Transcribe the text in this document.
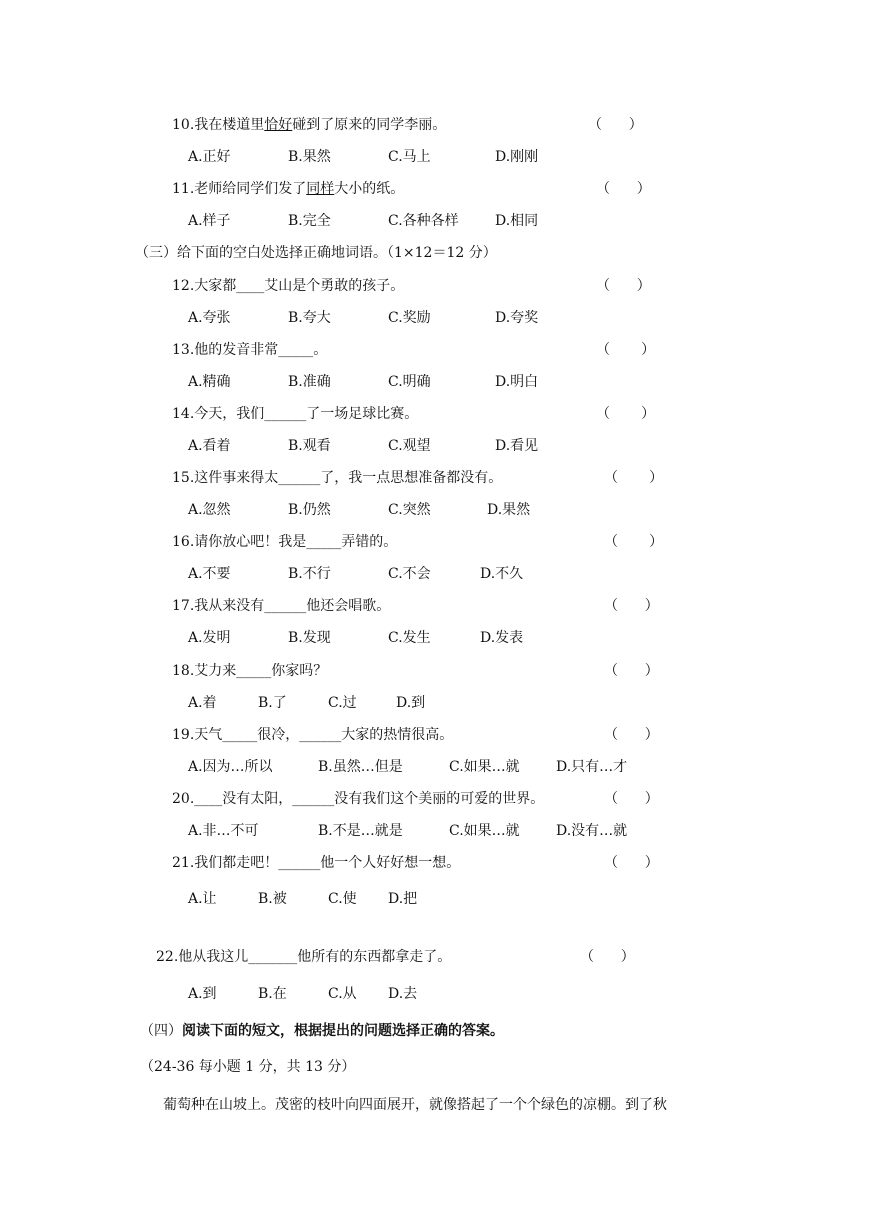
10.我在楼道里恰好碰到了原来的同学李丽。	（      ）
A.正好	B.果然	C.马上	D.刚刚
11.老师给同学们发了同样大小的纸。	（      ）
A.样子	B.完全	C.各种各样	D.相同
（三）给下面的空白处选择正确地词语。（1×12＝12 分）
12.大家都____艾山是个勇敢的孩子。	（      ）
A.夸张	B.夸大	C.奖励	D.夸奖
13.他的发音非常_____。	（       ）
A.精确	B.准确	C.明确	D.明白
14.今天，我们______了一场足球比赛。	（       ）
A.看着	B.观看	C.观望	D.看见
15.这件事来得太______了，我一点思想准备都没有。	（       ）
A.忽然	B.仍然	C.突然	D.果然
16.请你放心吧！我是_____弄错的。	（       ）
A.不要	B.不行	C.不会	D.不久
17.我从来没有______他还会唱歌。	（      ）
A.发明	B.发现	C.发生	D.发表
18.艾力来_____你家吗？	（      ）
A.着	B.了	C.过	D.到
19.天气_____很冷，______大家的热情很高。	（      ）
A.因为…所以	B.虽然…但是	C.如果…就	D.只有…才
20.____没有太阳，______没有我们这个美丽的可爱的世界。	（      ）
A.非…不可	B.不是…就是	C.如果…就	D.没有…就
21.我们都走吧！______他一个人好好想一想。	（      ）
A.让	B.被	C.使 D.把
22.他从我这儿_______他所有的东西都拿走了。	（      ）
A.到	B.在	C.从 D.去
（四）阅读下面的短文，根据提出的问题选择正确的答案。
（24-36 每小题 1 分，共 13 分）
葡萄种在山坡上。茂密的枝叶向四面展开，就像搭起了一个个绿色的凉棚。到了秋
